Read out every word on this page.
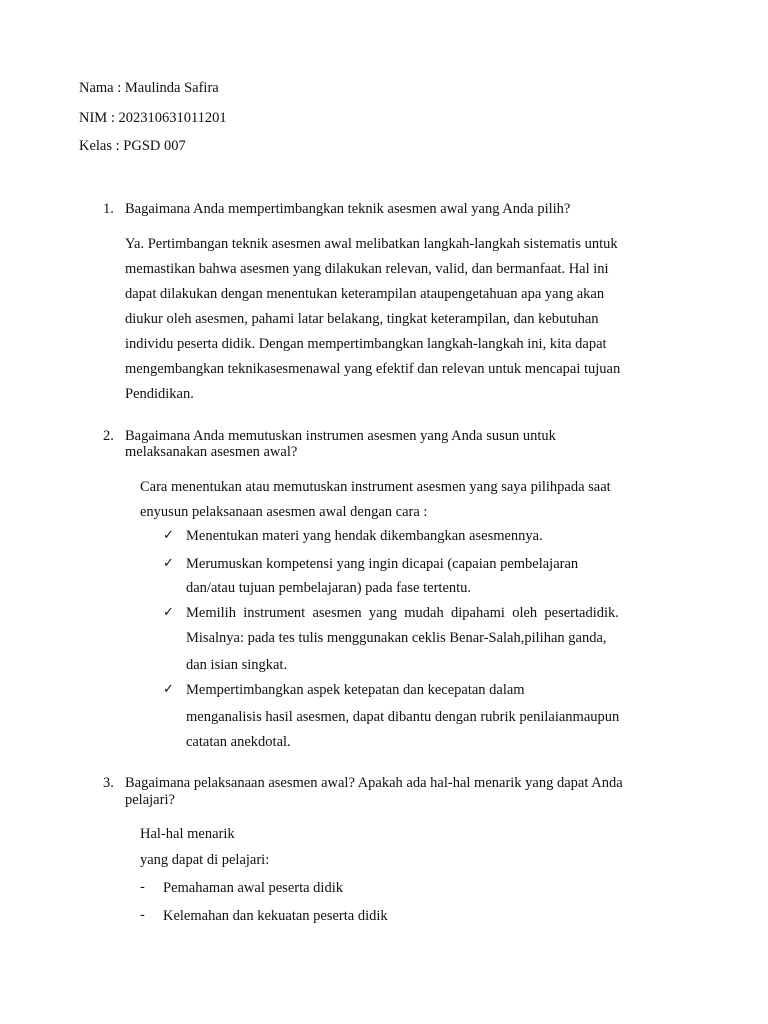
Nama : Maulinda Safira
NIM : 202310631011201
Kelas : PGSD 007
1. Bagaimana Anda mempertimbangkan teknik asesmen awal yang Anda pilih?
Ya. Pertimbangan teknik asesmen awal melibatkan langkah-langkah sistematis untuk
memastikan bahwa asesmen yang dilakukan relevan, valid, dan bermanfaat. Hal ini
dapat dilakukan dengan menentukan keterampilan ataupengetahuan apa yang akan
diukur oleh asesmen, pahami latar belakang, tingkat keterampilan, dan kebutuhan
individu peserta didik. Dengan mempertimbangkan langkah-langkah ini, kita dapat
mengembangkan teknikasesmenawal yang efektif dan relevan untuk mencapai tujuan
Pendidikan.
2. Bagaimana Anda memutuskan instrumen asesmen yang Anda susun untuk
melaksanakan asesmen awal?
Cara menentukan atau memutuskan instrument asesmen yang saya pilihpada saat
enyusun pelaksanaan asesmen awal dengan cara :
✓ Menentukan materi yang hendak dikembangkan asesmennya.
✓ Merumuskan kompetensi yang ingin dicapai (capaian pembelajaran
dan/atau tujuan pembelajaran) pada fase tertentu.
✓ Memilih  instrument  asesmen  yang  mudah  dipahami  oleh  pesertadidik.
Misalnya: pada tes tulis menggunakan ceklis Benar-Salah,pilihan ganda,
dan isian singkat.
✓ Mempertimbangkan aspek ketepatan dan kecepatan dalam
menganalisis hasil asesmen, dapat dibantu dengan rubrik penilaianmaupun
catatan anekdotal.
3. Bagaimana pelaksanaan asesmen awal? Apakah ada hal-hal menarik yang dapat Anda
pelajari?
Hal-hal menarik
yang dapat di pelajari:
- Pemahaman awal peserta didik
- Kelemahan dan kekuatan peserta didik
